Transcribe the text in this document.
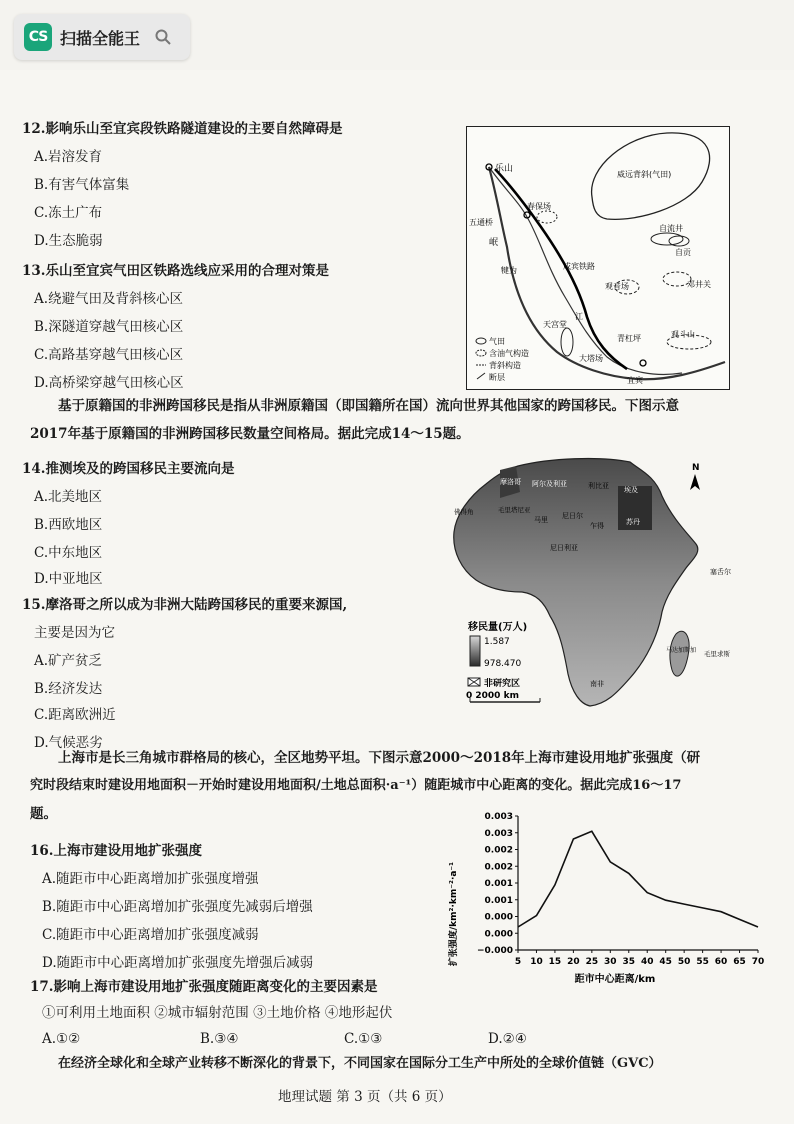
CS 扫描全能王
12.影响乐山至宜宾段铁路隧道建设的主要自然障碍是
A.岩溶发育
B.有害气体富集
C.冻土广布
D.生态脆弱
13.乐山至宜宾气田区铁路选线应采用的合理对策是
A.绕避气田及背斜核心区
B.深隧道穿越气田核心区
C.高路基穿越气田核心区
D.高桥梁穿越气田核心区
乐山
威远背斜(气田)
春保场
五通桥
岷
自流井
自贡
犍为	成宾铁路
观音场	邓井关
天宫堂
江
青杠坪	观斗山
大塔场
宜宾
气田
含油气构造
背斜构造
断层
基于原籍国的非洲跨国移民是指从非洲原籍国（即国籍所在国）流向世界其他国家的跨国移民。下图示意
2017年基于原籍国的非洲跨国移民数量空间格局。据此完成14～15题。
14.推测埃及的跨国移民主要流向是
A.北美地区
B.西欧地区
C.中东地区
D.中亚地区
15.摩洛哥之所以成为非洲大陆跨国移民的重要来源国,
主要是因为它
A.矿产贫乏
B.经济发达
C.距离欧洲近
D.气候恶劣
摩洛哥 阿尔及利亚	利比亚 埃及
毛里塔尼亚
马里 尼日尔
乍得	苏丹
尼日利亚
塞舌尔
毛里求斯
佛得角
南非
马达加斯加
N
移民量(万人)
1.587
978.470
非研究区
0 2000 km
上海市是长三角城市群格局的核心，全区地势平坦。下图示意2000～2018年上海市建设用地扩张强度（研
究时段结束时建设用地面积－开始时建设用地面积/土地总面积·a⁻¹）随距城市中心距离的变化。据此完成16～17
题。
16.上海市建设用地扩张强度
A.随距市中心距离增加扩张强度增强
B.随距市中心距离增加扩张强度先减弱后增强
C.随距市中心距离增加扩张强度减弱
D.随距市中心距离增加扩张强度先增强后减弱	扩张强度/km²·km⁻²·a⁻¹
距市中心距离/km
−0.000
0.000
0.000
0.001
0.001
0.002
0.002
0.003
0.003
5 10 15 20 25 30 35 40 45 50 55 60 65 70
17.影响上海市建设用地扩张强度随距离变化的主要因素是
①可利用土地面积 ②城市辐射范围 ③土地价格 ④地形起伏
A.①②	B.③④	C.①③	D.②④
在经济全球化和全球产业转移不断深化的背景下，不同国家在国际分工生产中所处的全球价值链（GVC）
地理试题 第 3 页（共 6 页）
